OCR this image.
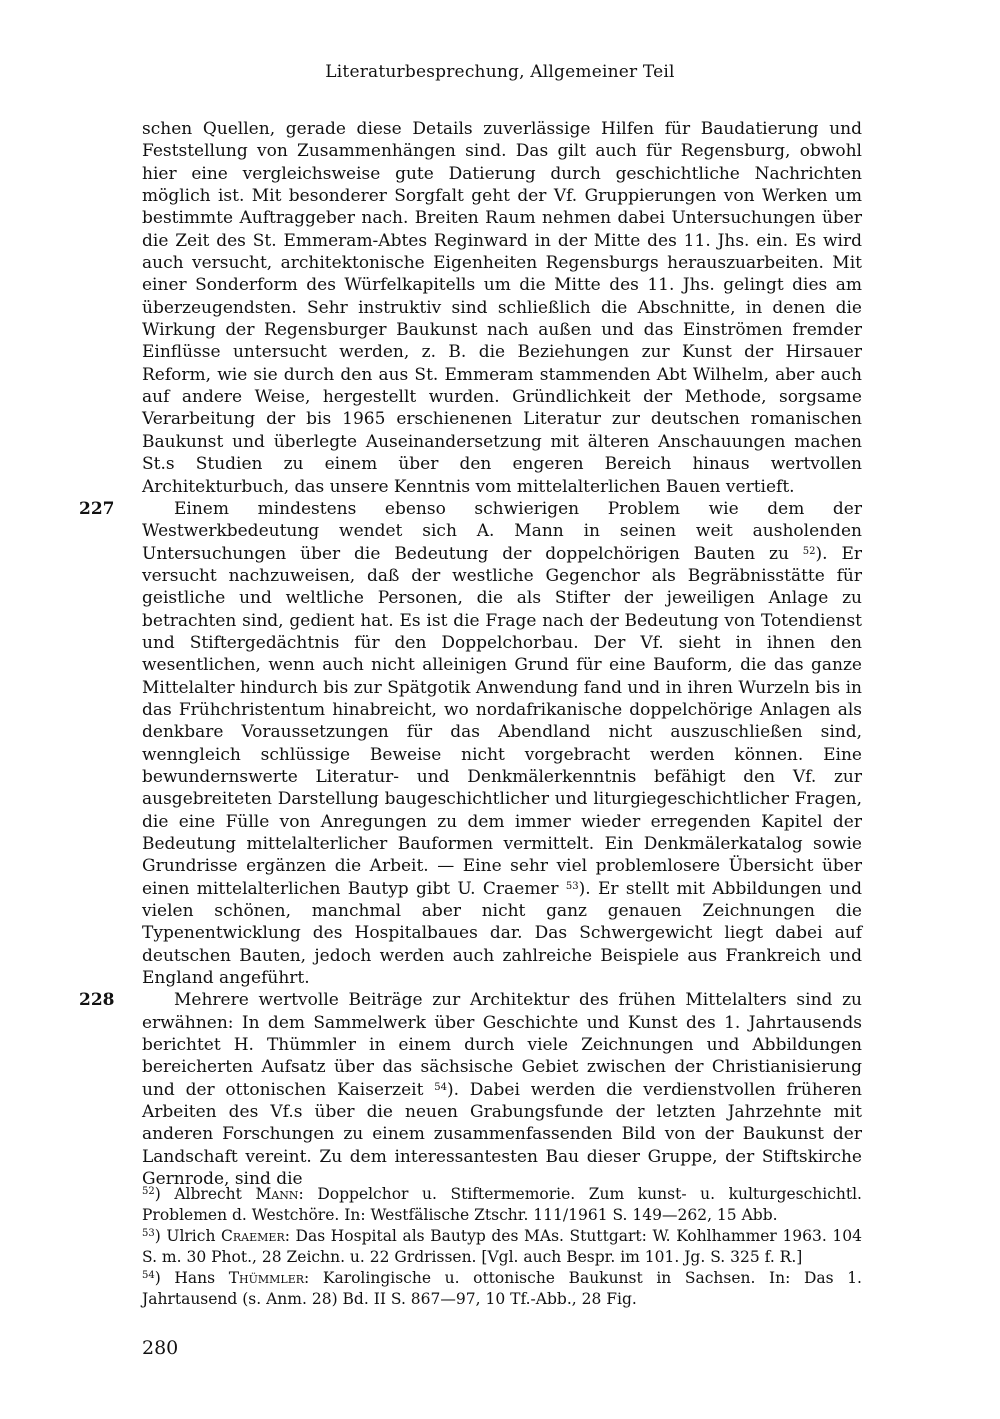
Literaturbesprechung, Allgemeiner Teil

schen Quellen, gerade diese Details zuverlässige Hilfen für Baudatierung und Feststellung von Zusammenhängen sind. Das gilt auch für Regensburg, obwohl hier eine vergleichsweise gute Datierung durch geschichtliche Nachrichten möglich ist. Mit besonderer Sorgfalt geht der Vf. Gruppierungen von Werken um bestimmte Auftraggeber nach. Breiten Raum nehmen dabei Untersuchungen über die Zeit des St. Emmeram-Abtes Reginward in der Mitte des 11. Jhs. ein. Es wird auch versucht, architektonische Eigenheiten Regensburgs herauszuarbeiten. Mit einer Sonderform des Würfelkapitells um die Mitte des 11. Jhs. gelingt dies am überzeugendsten. Sehr instruktiv sind schließlich die Abschnitte, in denen die Wirkung der Regensburger Baukunst nach außen und das Einströmen fremder Einflüsse untersucht werden, z. B. die Beziehungen zur Kunst der Hirsauer Reform, wie sie durch den aus St. Emmeram stammenden Abt Wilhelm, aber auch auf andere Weise, hergestellt wurden. Gründlichkeit der Methode, sorgsame Verarbeitung der bis 1965 erschienenen Literatur zur deutschen romanischen Baukunst und überlegte Auseinandersetzung mit älteren Anschauungen machen St.s Studien zu einem über den engeren Bereich hinaus wertvollen Architekturbuch, das unsere Kenntnis vom mittelalterlichen Bauen vertieft.

227	Einem mindestens ebenso schwierigen Problem wie dem der Westwerkbedeutung wendet sich A. Mann in seinen weit ausholenden Untersuchungen über die Bedeutung der doppelchörigen Bauten zu $^{52}$). Er versucht nachzuweisen, daß der westliche Gegenchor als Begräbnisstätte für geistliche und weltliche Personen, die als Stifter der jeweiligen Anlage zu betrachten sind, gedient hat. Es ist die Frage nach der Bedeutung von Totendienst und Stiftergedächtnis für den Doppelchorbau. Der Vf. sieht in ihnen den wesentlichen, wenn auch nicht alleinigen Grund für eine Bauform, die das ganze Mittelalter hindurch bis zur Spätgotik Anwendung fand und in ihren Wurzeln bis in das Frühchristentum hinabreicht, wo nordafrikanische doppelchörige Anlagen als denkbare Voraussetzungen für das Abendland nicht auszuschließen sind, wenngleich schlüssige Beweise nicht vorgebracht werden können. Eine bewundernswerte Literatur- und Denkmälerkenntnis befähigt den Vf. zur ausgebreiteten Darstellung baugeschichtlicher und liturgiegeschichtlicher Fragen, die eine Fülle von Anregungen zu dem immer wieder erregenden Kapitel der Bedeutung mittelalterlicher Bauformen vermittelt. Ein Denkmälerkatalog sowie Grundrisse ergänzen die Arbeit. — Eine sehr viel problemlosere Übersicht über einen mittelalterlichen Bautyp gibt U. Craemer $^{53}$). Er stellt mit Abbildungen und vielen schönen, manchmal aber nicht ganz genauen Zeichnungen die Typenentwicklung des Hospitalbaues dar. Das Schwergewicht liegt dabei auf deutschen Bauten, jedoch werden auch zahlreiche Beispiele aus Frankreich und England angeführt.

228	Mehrere wertvolle Beiträge zur Architektur des frühen Mittelalters sind zu erwähnen: In dem Sammelwerk über Geschichte und Kunst des 1. Jahrtausends berichtet H. Thümmler in einem durch viele Zeichnungen und Abbildungen bereicherten Aufsatz über das sächsische Gebiet zwischen der Christianisierung und der ottonischen Kaiserzeit $^{54}$). Dabei werden die verdienstvollen früheren Arbeiten des Vf.s über die neuen Grabungsfunde der letzten Jahrzehnte mit anderen Forschungen zu einem zusammenfassenden Bild von der Baukunst der Landschaft vereint. Zu dem interessantesten Bau dieser Gruppe, der Stiftskirche Gernrode, sind die

$^{52}$) Albrecht Mann: Doppelchor u. Stiftermemorie. Zum kunst- u. kulturgeschichtl. Problemen d. Westchöre. In: Westfälische Ztschr. 111/1961 S. 149—262, 15 Abb.

$^{53}$) Ulrich Craemer: Das Hospital als Bautyp des MAs. Stuttgart: W. Kohlhammer 1963. 104 S. m. 30 Phot., 28 Zeichn. u. 22 Grdrissen. [Vgl. auch Bespr. im 101. Jg. S. 325 f. R.]

$^{54}$) Hans Thümmler: Karolingische u. ottonische Baukunst in Sachsen. In: Das 1. Jahrtausend (s. Anm. 28) Bd. II S. 867—97, 10 Tf.-Abb., 28 Fig.

280
